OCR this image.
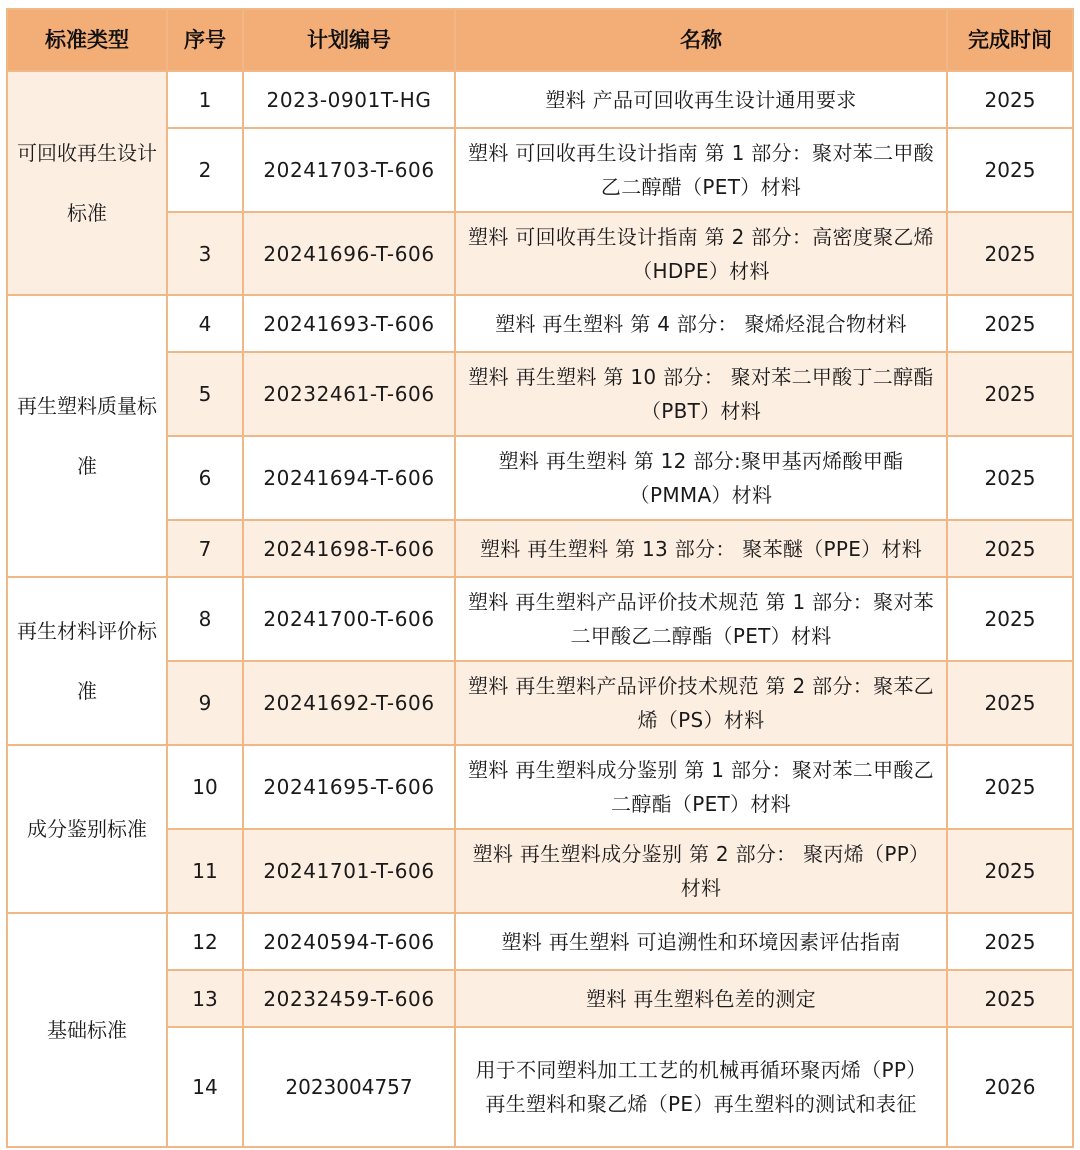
标准类型	序号	计划编号	名称	完成时间
可回收再生设计标准	1	2023-0901T-HG	塑料 产品可回收再生设计通用要求	2025
	2	20241703-T-606	塑料 可回收再生设计指南 第 1 部分：聚对苯二甲酸乙二醇醋（PET）材料	2025
	3	20241696-T-606	塑料 可回收再生设计指南 第 2 部分：高密度聚乙烯（HDPE）材料	2025
再生塑料质量标准	4	20241693-T-606	塑料 再生塑料 第 4 部分： 聚烯烃混合物材料	2025
	5	20232461-T-606	塑料 再生塑料 第 10 部分： 聚对苯二甲酸丁二醇酯（PBT）材料	2025
	6	20241694-T-606	塑料 再生塑料 第 12 部分:聚甲基丙烯酸甲酯（PMMA）材料	2025
	7	20241698-T-606	塑料 再生塑料 第 13 部分： 聚苯醚（PPE）材料	2025
再生材料评价标准	8	20241700-T-606	塑料 再生塑料产品评价技术规范 第 1 部分：聚对苯二甲酸乙二醇酯（PET）材料	2025
	9	20241692-T-606	塑料 再生塑料产品评价技术规范 第 2 部分：聚苯乙烯（PS）材料	2025
成分鉴别标准	10	20241695-T-606	塑料 再生塑料成分鉴别 第 1 部分：聚对苯二甲酸乙二醇酯（PET）材料	2025
	11	20241701-T-606	塑料 再生塑料成分鉴别 第 2 部分： 聚丙烯（PP）材料	2025
基础标准	12	20240594-T-606	塑料 再生塑料 可追溯性和环境因素评估指南	2025
	13	20232459-T-606	塑料 再生塑料色差的测定	2025
	14	2023004757	用于不同塑料加工工艺的机械再循环聚丙烯（PP）再生塑料和聚乙烯（PE）再生塑料的测试和表征	2026
